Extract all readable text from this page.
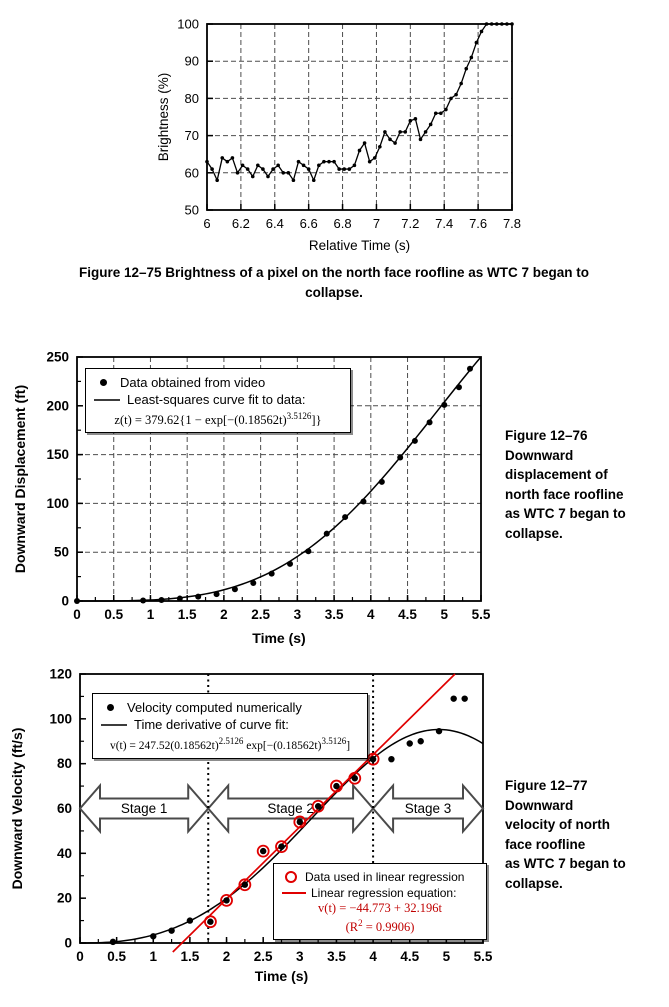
6 6.2 6.4 6.6 6.8 7 7.2 7.4 7.6 7.8
50
60
70
80
90
100
Relative Time (s)
Brightness (%)
Figure 12–75 Brightness of a pixel on the north face roofline as WTC 7 began to
collapse.
0 0.5 1 1.5 2 2.5 3 3.5 4 4.5 5 5.5
0
50
100
150
200
250
Time (s)
Downward Displacement (ft)
Data obtained from video
Least-squares curve fit to data:
$z(t) = 379.62\{1 - \exp[-(0.18562t)^{3.5126}]\}$
Figure 12–76
Downward
displacement of
north face roofline
as WTC 7 began to
collapse.
0 0.5 1 1.5 2 2.5 3 3.5 4 4.5 5 5.5
0
20
40
60
80
100
120
Time (s)
Downward Velocity (ft/s)	Stage 1	Stage 2	Stage 3
Velocity computed numerically
Time derivative of curve fit:
$v(t) = 247.52(0.18562t)^{2.5126}$ $\exp[-(0.18562t)^{3.5126}]$
Data used in linear regression
Linear regression equation:
v(t) = −44.773 + 32.196t
$(R^2 = 0.9906)$
Figure 12–77
Downward
velocity of north
face roofline
as WTC 7 began to
collapse.
